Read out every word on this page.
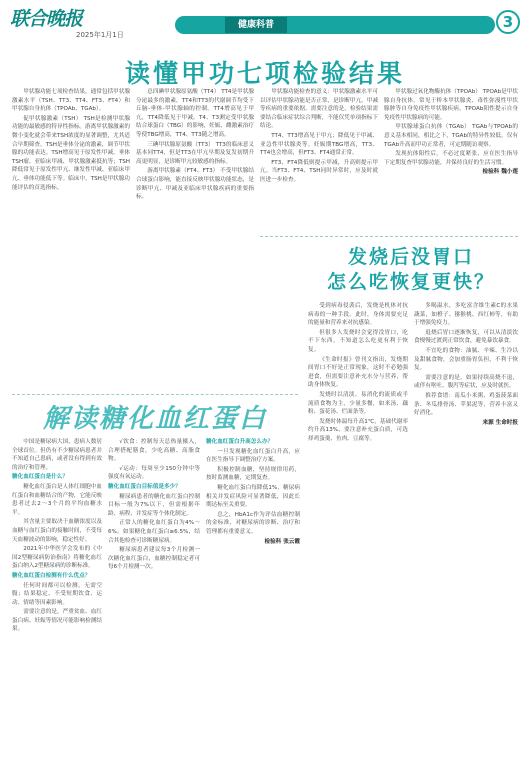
联合晚报
2025年1月1日
健康科普	3
读懂甲功七项检验结果

甲状腺功能七项检查结果，通常包括甲状腺激素水平（TSH、TT3、TT4、FT3、FT4）和甲状腺自身抗体（TPOAb、TGAb）。

促甲状腺激素（TSH） TSH是检测甲状腺功能的最敏感的特异性指标。游离甲状腺激素的微小变化就会带来TSH浓度的显著调整，尤其适合早期筛查。TSH是垂体分泌的激素，调节甲状腺的功能表达。TSH增高见于原发性甲减、垂体TSH瘤、亚临床甲减、甲状腺激素抵抗等；TSH降低常见于原发性甲亢、继发性甲减、亚临床甲亢、垂体功能低下等。临床中，TSH是甲状腺功能评估的首选指标。

总四碘甲状腺原氨酸（TT4） TT4是甲状腺分泌最多的激素，TT4和TT3的代谢调节均受下丘脑-垂体-甲状腺轴的控制。TT4增高见于甲亢，TT4降低见于甲减。T4、T3测定受甲状腺结合球蛋白（TBG）的影响，妊娠、雌激素治疗等使TBG增高，TT4、TT3随之增高。

三碘甲状腺原氨酸（TT3） TT3的临床意义基本同TT4，但是TT3在甲亢早期及复发初期升高更明显，是诊断甲亢较敏感的指标。

游离甲状腺素（FT4、FT3） 不受甲状腺结合球蛋白影响，能直接反映甲状腺功能状态，是诊断甲亢、甲减及亚临床甲状腺疾病的重要指标。

甲状腺功能检查的意义：甲状腺激素水平可以评估甲状腺功能是否正常，是诊断甲亢、甲减等疾病的重要依据。需要注意的是，检验结果需要结合临床症状综合判断，不能仅凭单项指标下结论。

TT4、TT3增高见于甲亢；降低见于甲减、亚急性甲状腺炎等。妊娠期TBG增高，TT3、TT4也会增高，但FT3、FT4通常正常。

FT3、FT4降低则提示甲减，升高则提示甲亢。当FT3、FT4、TSH同时异常时，应及时就医进一步检查。

甲状腺过氧化物酶抗体（TPOAb） TPOAb是甲状腺自身抗体，常见于桥本甲状腺炎、毒性弥漫性甲状腺肿等自身免疫性甲状腺疾病。TPOAb阳性提示自身免疫性甲状腺病的可能。

甲状腺球蛋白抗体（TGAb） TGAb与TPOAb的意义基本相同，相比之下，TGAb的特异性较低。仅有TGAb升高而甲功正常者，可定期随访观察。

发现抗体阳性后，不必过度紧张，应在医生指导下定期复查甲状腺功能，并保持良好的生活习惯。

检验科 魏小莲

发烧后没胃口
怎么吃恢复更快？

受到病毒侵袭后，发烧是机体对抗病毒的一种手段。此时，身体需要充足的能量和营养来对抗感染。

但很多人发烧时会觉得没胃口，吃不下东西，不知道怎么吃更有利于恢复。

《生命时报》曾刊文指出，发烧期间胃口不好是正常现象，这时不必勉强进食，但需要注意补充水分与营养，帮助身体恢复。

发烧时以清淡、易消化的流质或半流质食物为主，少量多餐，如米汤、藕粉、蛋花汤、烂面条等。

发烧时体温每升高1℃，基础代谢率约升高13%，要注意补充蛋白质，可选择鸡蛋羹、鱼肉、豆腐等。

多喝温水，多吃富含维生素C的水果蔬菜，如橙子、猕猴桃、西红柿等，有助于增强免疫力。

退烧后胃口逐渐恢复，可以从清淡饮食慢慢过渡到正常饮食，避免暴饮暴食。

不宜吃的食物：油腻、辛辣、生冷以及甜腻食物，会加重肠胃负担，不利于恢复。

需要注意的是，如果持续高烧不退，或伴有呕吐、腹泻等症状，应及时就医。

推荐食谱：南瓜小米粥、鸡蛋菠菜面条、冬瓜排骨汤、苹果泥等，营养丰富又好消化。

来源 生命时报

解读糖化血红蛋白

中国是糖尿病大国，患病人数居全球首位。但仍有不少糖尿病患者并不知道自己患病，或者没有得到有效的治疗和管理。

糖化血红蛋白是什么？

糖化血红蛋白是人体红细胞中血红蛋白和血糖结合的产物，它能反映患者过去2～3个月的平均血糖水平。

其含量主要取决于血糖浓度以及血糖与血红蛋白的接触时间，不受每天血糖波动的影响，稳定性好。

2021年中华医学会发布的《中国2型糖尿病防治指南》将糖化血红蛋白纳入2型糖尿病的诊断标准。

糖化血红蛋白检测有什么优点？

任何时间都可以检测，无需空腹；结果稳定、不受短期饮食、运动、情绪等因素影响。

需要注意的是，严重贫血、血红蛋白病、妊娠等情况可能影响检测结果。

√饮食：控制每天总热量摄入，合理搭配膳食，少吃高糖、高脂食物。

√运动：每周至少150分钟中等强度有氧运动。

糖化血红蛋白目标值是多少？

糖尿病患者的糖化血红蛋白控制目标一般为7%以下，但需根据年龄、病程、并发症等个体化制定。

正常人的糖化血红蛋白为4%～6%。如果糖化血红蛋白≥6.5%，结合其他检查可诊断糖尿病。

糖尿病患者建议每3个月检测一次糖化血红蛋白，血糖控制稳定者可每6个月检测一次。

糖化血红蛋白升高怎么办？

一旦发现糖化血红蛋白升高，应在医生指导下调整治疗方案。

积极控制血糖，坚持规律用药，按时监测血糖，定期复查。

糖化血红蛋白每降低1%，糖尿病相关并发症风险可显著降低，因此长期达标至关重要。

总之，HbA1c作为评估血糖控制的金标准，对糖尿病的诊断、治疗和管理都有重要意义。

检验科 张云霞
